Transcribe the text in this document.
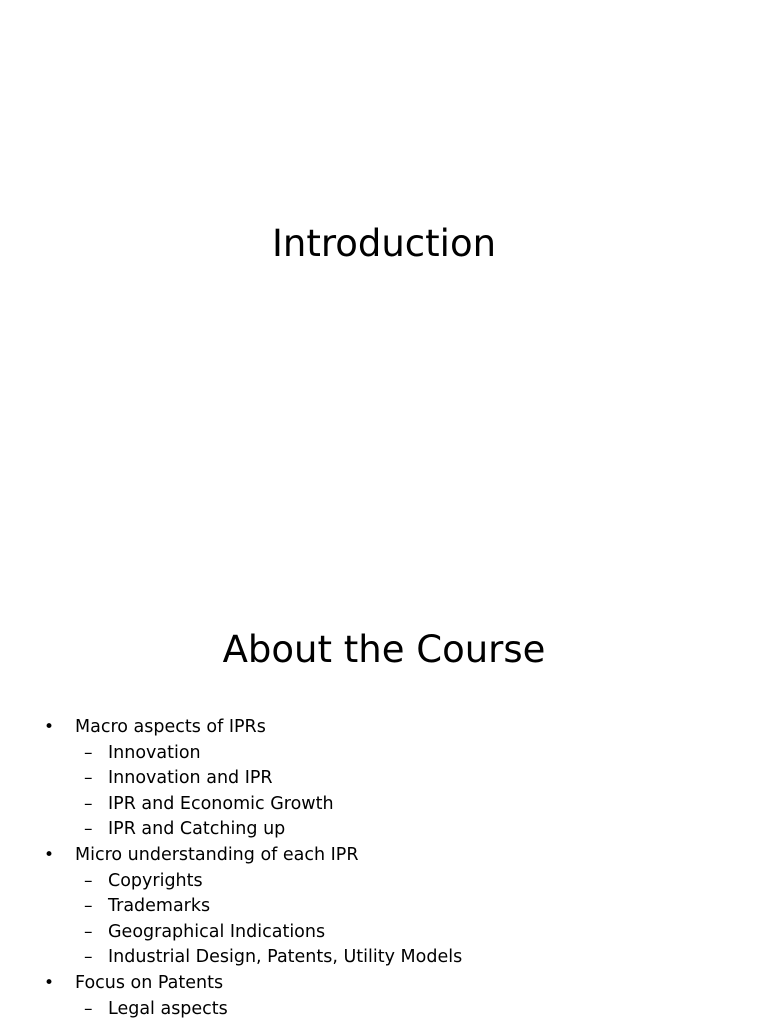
Introduction
About the Course
• Macro aspects of IPRs
– Innovation
– Innovation and IPR
– IPR and Economic Growth
– IPR and Catching up
• Micro understanding of each IPR
– Copyrights
– Trademarks
– Geographical Indications
– Industrial Design, Patents, Utility Models
• Focus on Patents
– Legal aspects
